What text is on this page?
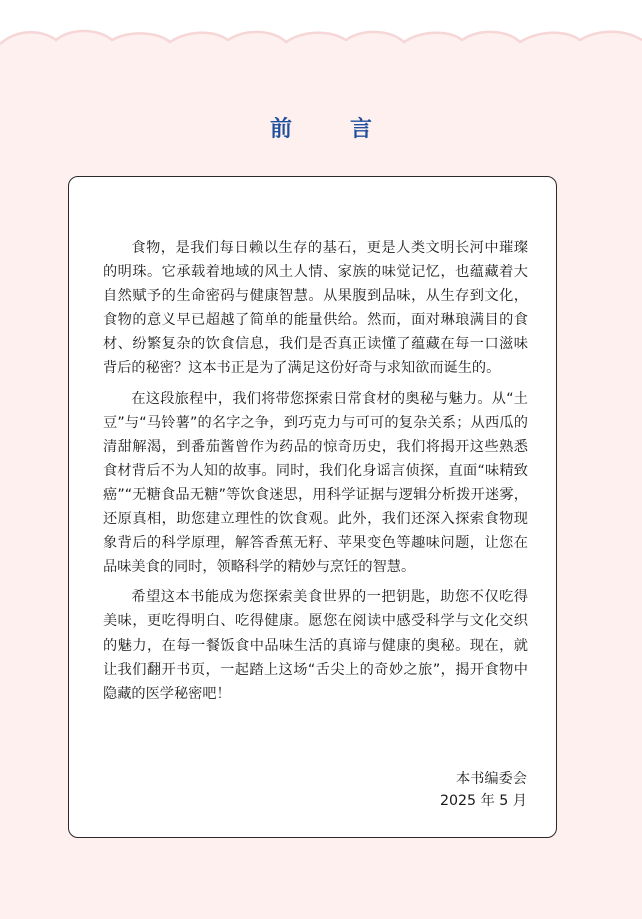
前　言

食物，是我们每日赖以生存的基石，更是人类文明长河中璀璨的明珠。它承载着地域的风土人情、家族的味觉记忆，也蕴藏着大自然赋予的生命密码与健康智慧。从果腹到品味，从生存到文化，食物的意义早已超越了简单的能量供给。然而，面对琳琅满目的食材、纷繁复杂的饮食信息，我们是否真正读懂了蕴藏在每一口滋味背后的秘密？这本书正是为了满足这份好奇与求知欲而诞生的。

在这段旅程中，我们将带您探索日常食材的奥秘与魅力。从“土豆”与“马铃薯”的名字之争，到巧克力与可可的复杂关系；从西瓜的清甜解渴，到番茄酱曾作为药品的惊奇历史，我们将揭开这些熟悉食材背后不为人知的故事。同时，我们化身谣言侦探，直面“味精致癌”“无糖食品无糖”等饮食迷思，用科学证据与逻辑分析拨开迷雾，还原真相，助您建立理性的饮食观。此外，我们还深入探索食物现象背后的科学原理，解答香蕉无籽、苹果变色等趣味问题，让您在品味美食的同时，领略科学的精妙与烹饪的智慧。

希望这本书能成为您探索美食世界的一把钥匙，助您不仅吃得美味，更吃得明白、吃得健康。愿您在阅读中感受科学与文化交织的魅力，在每一餐饭食中品味生活的真谛与健康的奥秘。现在，就让我们翻开书页，一起踏上这场“舌尖上的奇妙之旅”，揭开食物中隐藏的医学秘密吧！

本书编委会
2025 年 5 月
